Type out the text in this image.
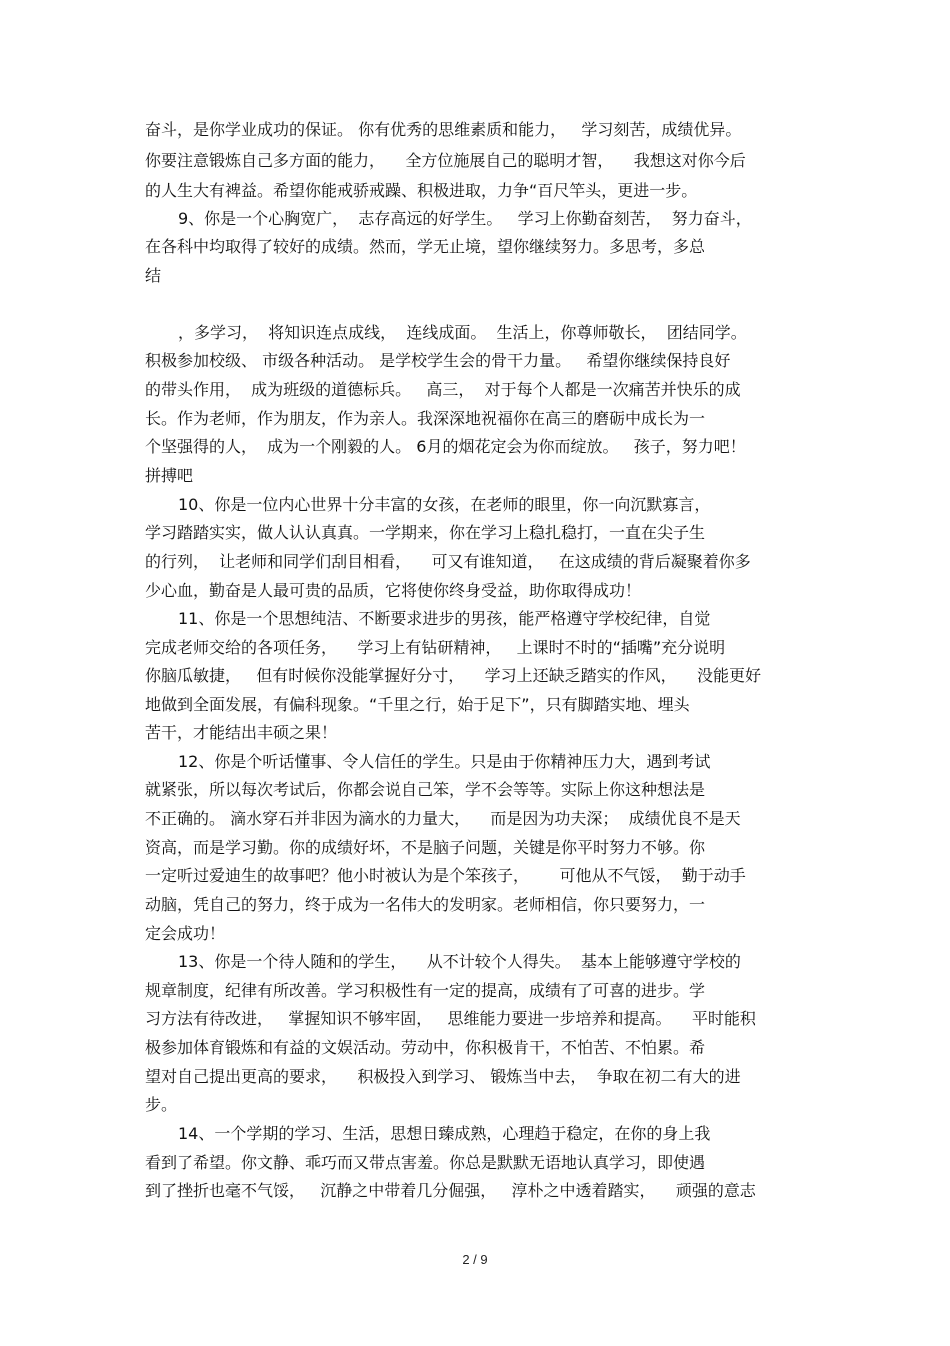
奋斗，是你学业成功的保证。 你有优秀的思维素质和能力，   学习刻苦，成绩优异。
你要注意锻炼自己多方面的能力，    全方位施展自己的聪明才智，    我想这对你今后
的人生大有裨益。希望你能戒骄戒躁、积极进取，力争“百尺竿头，更进一步。
9、你是一个心胸宽广，  志存高远的好学生。   学习上你勤奋刻苦，  努力奋斗，
在各科中均取得了较好的成绩。然而，学无止境，望你继续努力。多思考，多总
结
，多学习，  将知识连点成线，  连线成面。  生活上，你尊师敬长，  团结同学。
积极参加校级、 市级各种活动。 是学校学生会的骨干力量。   希望你继续保持良好
的带头作用，  成为班级的道德标兵。   高三，  对于每个人都是一次痛苦并快乐的成
长。作为老师，作为朋友，作为亲人。我深深地祝福你在高三的磨砺中成长为一
个坚强得的人，  成为一个刚毅的人。 6月的烟花定会为你而绽放。   孩子，努力吧！
拼搏吧
10、你是一位内心世界十分丰富的女孩，在老师的眼里，你一向沉默寡言，
学习踏踏实实，做人认认真真。一学期来，你在学习上稳扎稳打，一直在尖子生
的行列，  让老师和同学们刮目相看，    可又有谁知道，   在这成绩的背后凝聚着你多
少心血，勤奋是人最可贵的品质，它将使你终身受益，助你取得成功！
11、你是一个思想纯洁、不断要求进步的男孩，能严格遵守学校纪律，自觉
完成老师交给的各项任务，    学习上有钻研精神，   上课时不时的“插嘴”充分说明
你脑瓜敏捷，   但有时候你没能掌握好分寸，    学习上还缺乏踏实的作风，    没能更好
地做到全面发展，有偏科现象。“千里之行，始于足下”，只有脚踏实地、埋头
苦干，才能结出丰硕之果！
12、你是个听话懂事、令人信任的学生。只是由于你精神压力大，遇到考试
就紧张，所以每次考试后，你都会说自己笨，学不会等等。实际上你这种想法是
不正确的。 滴水穿石并非因为滴水的力量大，    而是因为功夫深；  成绩优良不是天
资高，而是学习勤。你的成绩好坏，不是脑子问题，关键是你平时努力不够。你
一定听过爱迪生的故事吧？他小时被认为是个笨孩子，      可他从不气馁，  勤于动手
动脑，凭自己的努力，终于成为一名伟大的发明家。老师相信，你只要努力，一
定会成功！
13、你是一个待人随和的学生，    从不计较个人得失。  基本上能够遵守学校的
规章制度，纪律有所改善。学习积极性有一定的提高，成绩有了可喜的进步。学
习方法有待改进，   掌握知识不够牢固，   思维能力要进一步培养和提高。    平时能积
极参加体育锻炼和有益的文娱活动。劳动中，你积极肯干，不怕苦、不怕累。希
望对自己提出更高的要求，    积极投入到学习、 锻炼当中去，  争取在初二有大的进
步。
14、一个学期的学习、生活，思想日臻成熟，心理趋于稳定，在你的身上我
看到了希望。你文静、乖巧而又带点害羞。你总是默默无语地认真学习，即使遇
到了挫折也毫不气馁，   沉静之中带着几分倔强，   淳朴之中透着踏实，    顽强的意志
2 / 9
